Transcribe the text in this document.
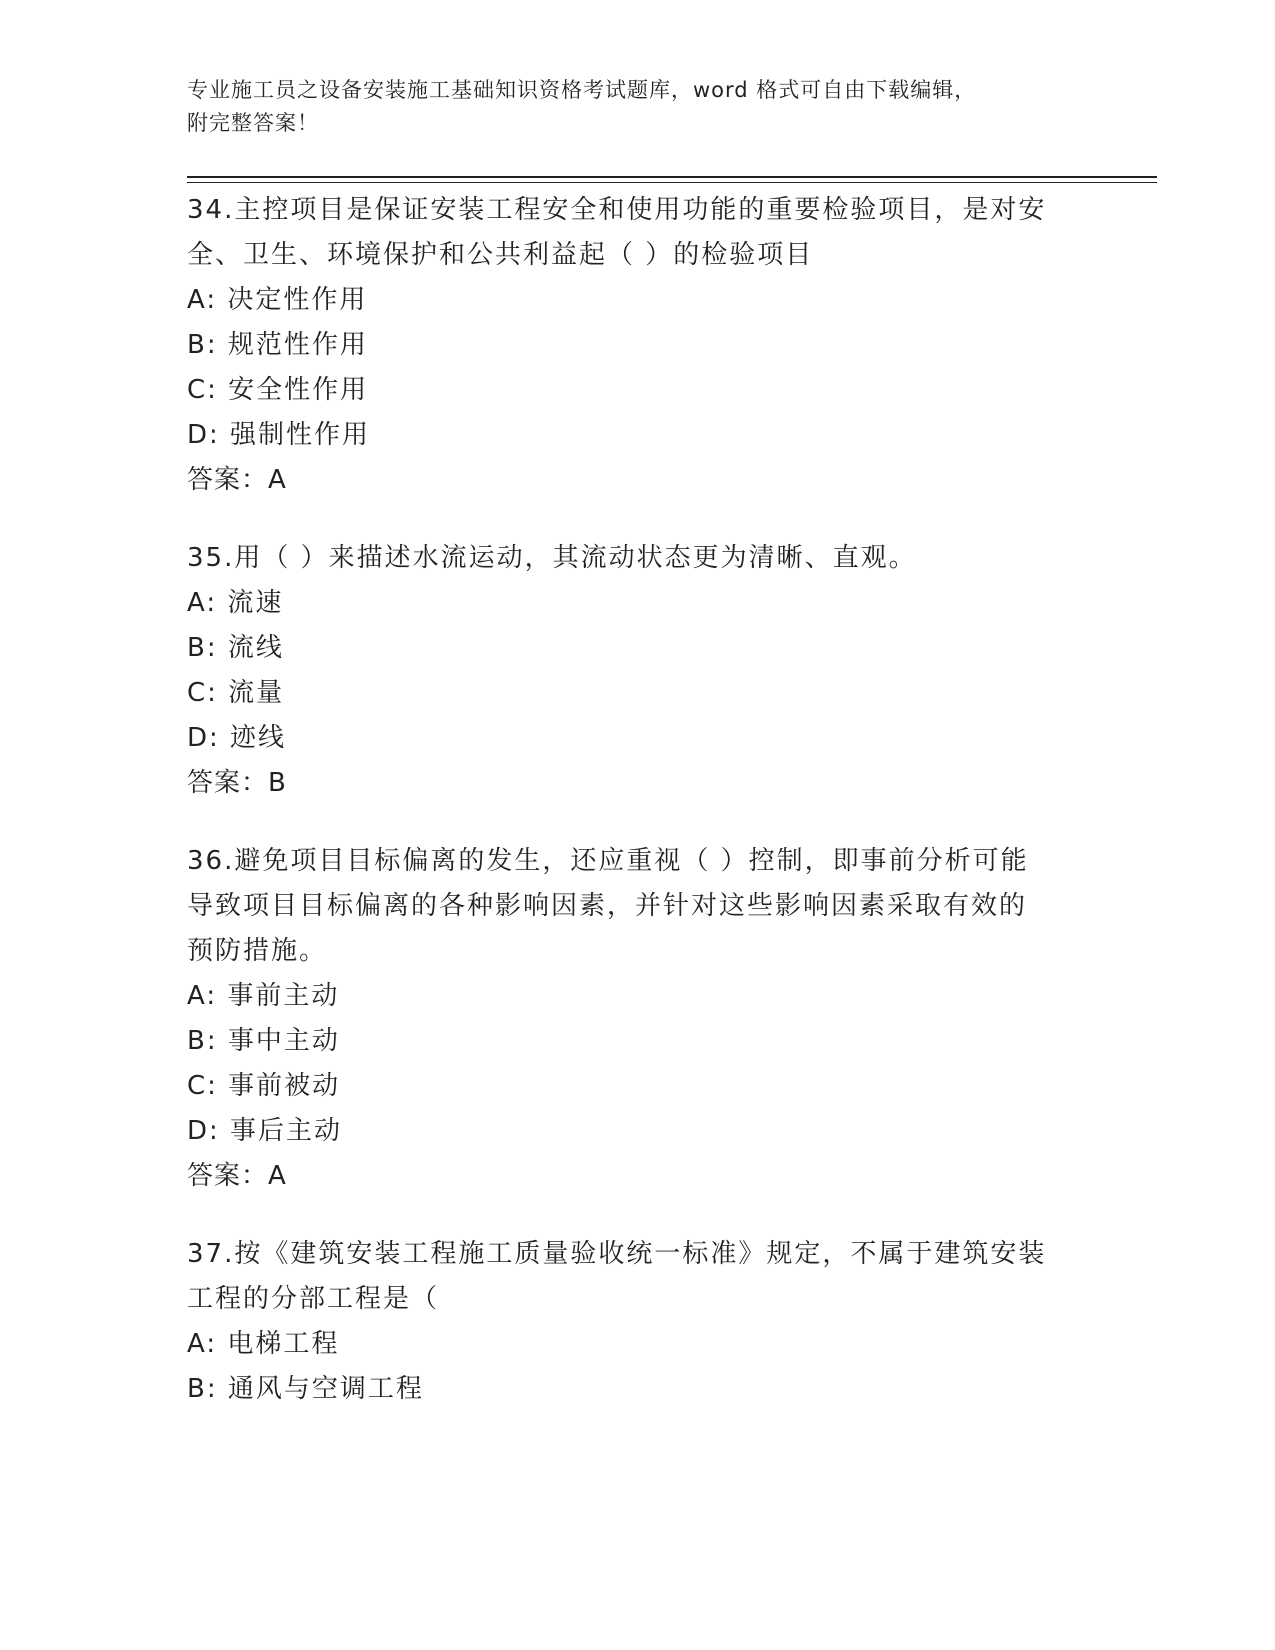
专业施工员之设备安装施工基础知识资格考试题库，word 格式可自由下载编辑，
附完整答案！

34.主控项目是保证安装工程安全和使用功能的重要检验项目，是对安

全、卫生、环境保护和公共利益起（ ）的检验项目

A: 决定性作用

B: 规范性作用

C: 安全性作用

D: 强制性作用

答案：A

35.用（ ）来描述水流运动，其流动状态更为清晰、直观。

A: 流速

B: 流线

C: 流量

D: 迹线

答案：B

36.避免项目目标偏离的发生，还应重视（ ）控制，即事前分析可能

导致项目目标偏离的各种影响因素，并针对这些影响因素采取有效的

预防措施。

A: 事前主动

B: 事中主动

C: 事前被动

D: 事后主动

答案：A

37.按《建筑安装工程施工质量验收统一标准》规定，不属于建筑安装

工程的分部工程是（

A: 电梯工程

B: 通风与空调工程
